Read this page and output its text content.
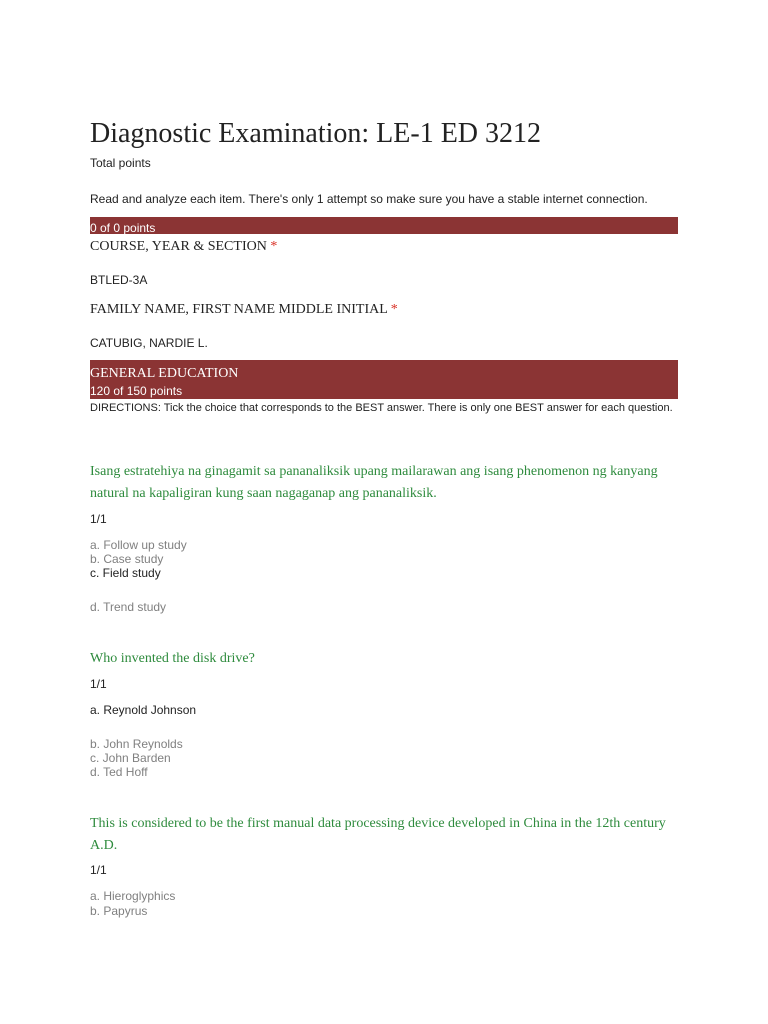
Diagnostic Examination: LE-1 ED 3212
Total points
Read and analyze each item. There's only 1 attempt so make sure you have a stable internet connection.
0 of 0 points
COURSE, YEAR & SECTION *
BTLED-3A
FAMILY NAME, FIRST NAME MIDDLE INITIAL *
CATUBIG, NARDIE L.
GENERAL EDUCATION
120 of 150 points
DIRECTIONS: Tick the choice that corresponds to the BEST answer. There is only one BEST answer for each question.
Isang estratehiya na ginagamit sa pananaliksik upang mailarawan ang isang phenomenon ng kanyang natural na kapaligiran kung saan nagaganap ang pananaliksik.
1/1
a. Follow up study
b. Case study
c. Field study
d. Trend study
Who invented the disk drive?
1/1
a. Reynold Johnson
b. John Reynolds
c. John Barden
d. Ted Hoff
This is considered to be the first manual data processing device developed in China in the 12th century A.D.
1/1
a. Hieroglyphics
b. Papyrus
